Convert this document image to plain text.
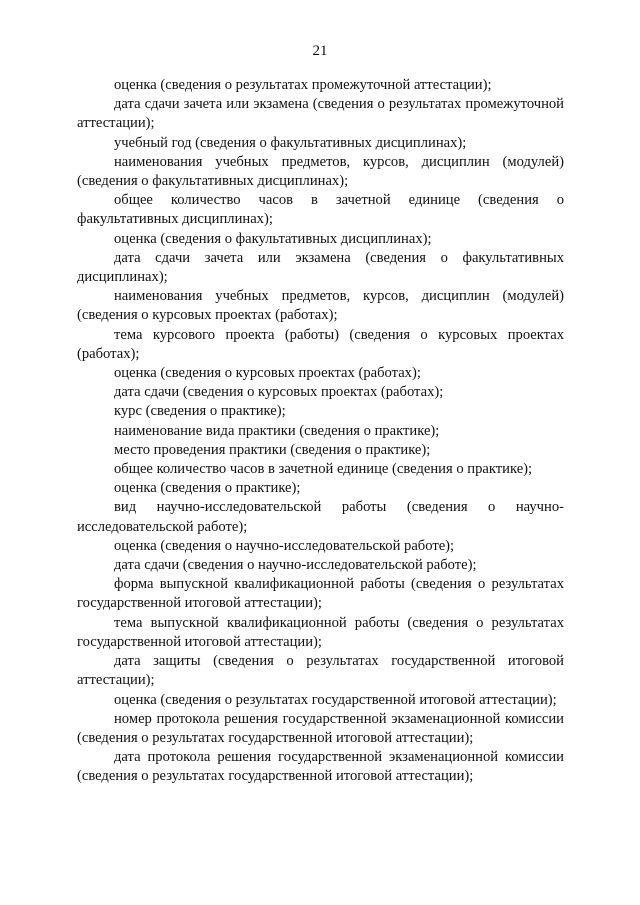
21

оценка (сведения о результатах промежуточной аттестации);

дата сдачи зачета или экзамена (сведения о результатах промежуточной аттестации);

учебный год (сведения о факультативных дисциплинах);

наименования учебных предметов, курсов, дисциплин (модулей) (сведения о факультативных дисциплинах);

общее количество часов в зачетной единице (сведения о факультативных дисциплинах);

оценка (сведения о факультативных дисциплинах);

дата сдачи зачета или экзамена (сведения о факультативных дисциплинах);

наименования учебных предметов, курсов, дисциплин (модулей) (сведения о курсовых проектах (работах);

тема курсового проекта (работы) (сведения о курсовых проектах (работах);

оценка (сведения о курсовых проектах (работах);

дата сдачи (сведения о курсовых проектах (работах);

курс (сведения о практике);

наименование вида практики (сведения о практике);

место проведения практики (сведения о практике);

общее количество часов в зачетной единице (сведения о практике);

оценка (сведения о практике);

вид научно-исследовательской работы (сведения о научно-исследовательской работе);

оценка (сведения о научно-исследовательской работе);

дата сдачи (сведения о научно-исследовательской работе);

форма выпускной квалификационной работы (сведения о результатах государственной итоговой аттестации);

тема выпускной квалификационной работы (сведения о результатах государственной итоговой аттестации);

дата защиты (сведения о результатах государственной итоговой аттестации);

оценка (сведения о результатах государственной итоговой аттестации);

номер протокола решения государственной экзаменационной комиссии (сведения о результатах государственной итоговой аттестации);

дата протокола решения государственной экзаменационной комиссии (сведения о результатах государственной итоговой аттестации);
